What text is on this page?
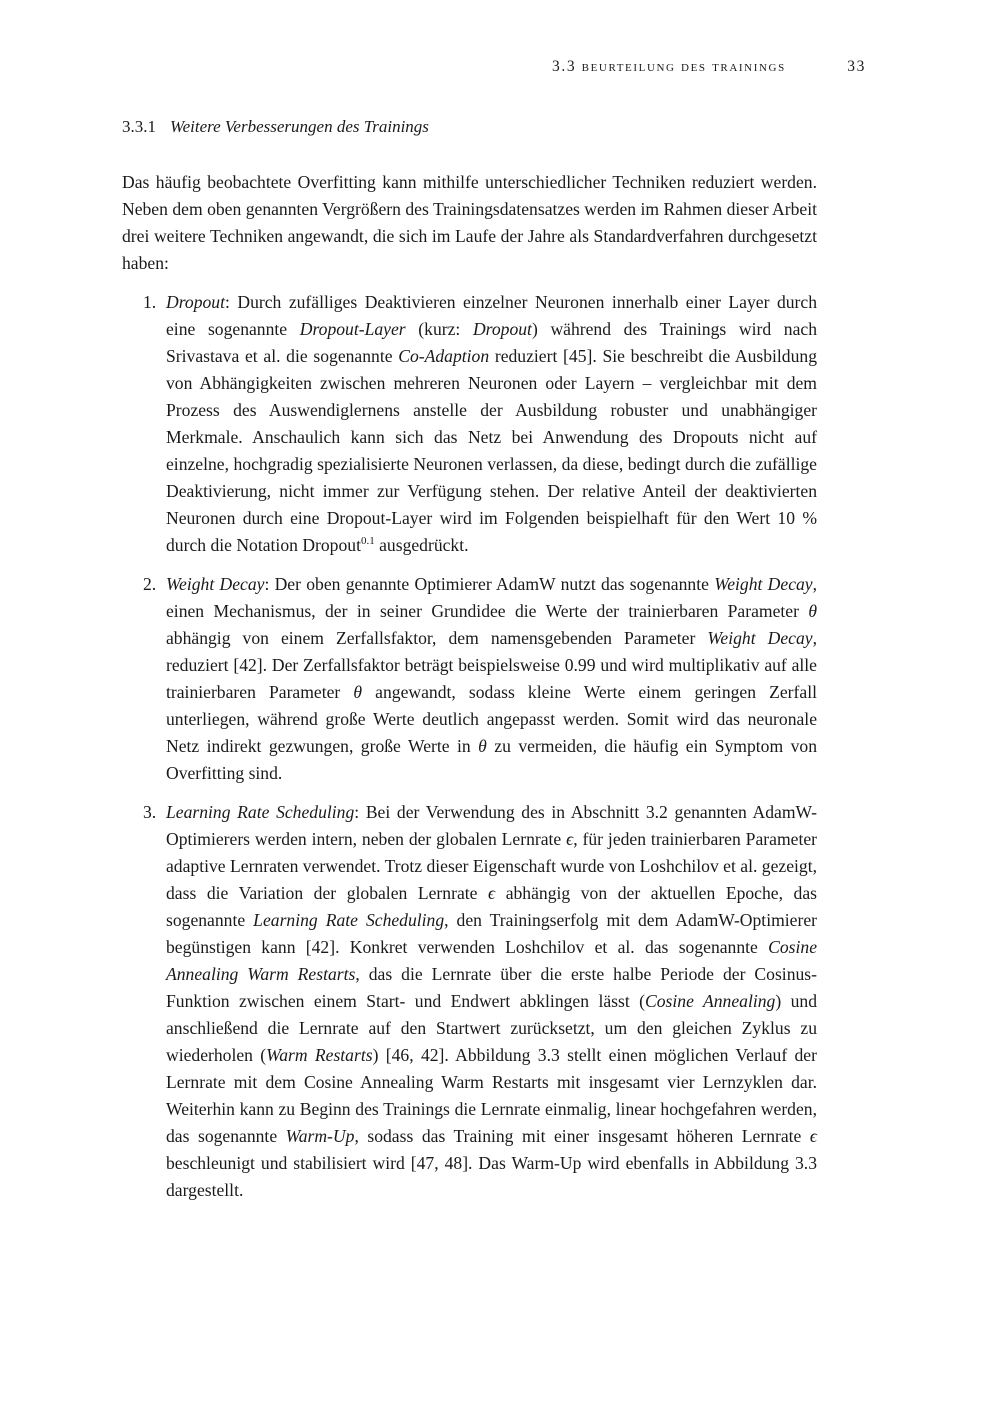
3.3 beurteilung des trainings	33
3.3.1 Weitere Verbesserungen des Trainings

Das häufig beobachtete Overfitting kann mithilfe unterschiedlicher Techniken reduziert werden. Neben dem oben genannten Vergrößern des Trainingsdatensatzes werden im Rahmen dieser Arbeit drei weitere Techniken angewandt, die sich im Laufe der Jahre als Standardverfahren durchgesetzt haben:

1. Dropout: Durch zufälliges Deaktivieren einzelner Neuronen innerhalb einer Layer durch eine sogenannte Dropout-Layer (kurz: Dropout) während des Trainings wird nach Srivastava et al. die sogenannte Co-Adaption reduziert [45]. Sie beschreibt die Ausbildung von Abhängigkeiten zwischen mehreren Neuronen oder Layern – vergleichbar mit dem Prozess des Auswendiglernens anstelle der Ausbildung robuster und unabhängiger Merkmale. Anschaulich kann sich das Netz bei Anwendung des Dropouts nicht auf einzelne, hochgradig spezialisierte Neuronen verlassen, da diese, bedingt durch die zufällige Deaktivierung, nicht immer zur Verfügung stehen. Der relative Anteil der deaktivierten Neuronen durch eine Dropout-Layer wird im Folgenden beispielhaft für den Wert 10 % durch die Notation Dropout$^{0.1}$ ausgedrückt.
2. Weight Decay: Der oben genannte Optimierer AdamW nutzt das sogenannte Weight Decay, einen Mechanismus, der in seiner Grundidee die Werte der trainierbaren Parameter θ abhängig von einem Zerfallsfaktor, dem namensgebenden Parameter Weight Decay, reduziert [42]. Der Zerfallsfaktor beträgt beispielsweise 0.99 und wird multiplikativ auf alle trainierbaren Parameter θ angewandt, sodass kleine Werte einem geringen Zerfall unterliegen, während große Werte deutlich angepasst werden. Somit wird das neuronale Netz indirekt gezwungen, große Werte in θ zu vermeiden, die häufig ein Symptom von Overfitting sind.
3. Learning Rate Scheduling: Bei der Verwendung des in Abschnitt 3.2 genannten AdamW-Optimierers werden intern, neben der globalen Lernrate ϵ, für jeden trainierbaren Parameter adaptive Lernraten verwendet. Trotz dieser Eigenschaft wurde von Loshchilov et al. gezeigt, dass die Variation der globalen Lernrate ϵ abhängig von der aktuellen Epoche, das sogenannte Learning Rate Scheduling, den Trainingserfolg mit dem AdamW-Optimierer begünstigen kann [42]. Konkret verwenden Loshchilov et al. das sogenannte Cosine Annealing Warm Restarts, das die Lernrate über die erste halbe Periode der Cosinus-Funktion zwischen einem Start- und Endwert abklingen lässt (Cosine Annealing) und anschließend die Lernrate auf den Startwert zurücksetzt, um den gleichen Zyklus zu wiederholen (Warm Restarts) [46, 42]. Abbildung 3.3 stellt einen möglichen Verlauf der Lernrate mit dem Cosine Annealing Warm Restarts mit insgesamt vier Lernzyklen dar. Weiterhin kann zu Beginn des Trainings die Lernrate einmalig, linear hochgefahren werden, das sogenannte Warm-Up, sodass das Training mit einer insgesamt höheren Lernrate ϵ beschleunigt und stabilisiert wird [47, 48]. Das Warm-Up wird ebenfalls in Abbildung 3.3 dargestellt.
